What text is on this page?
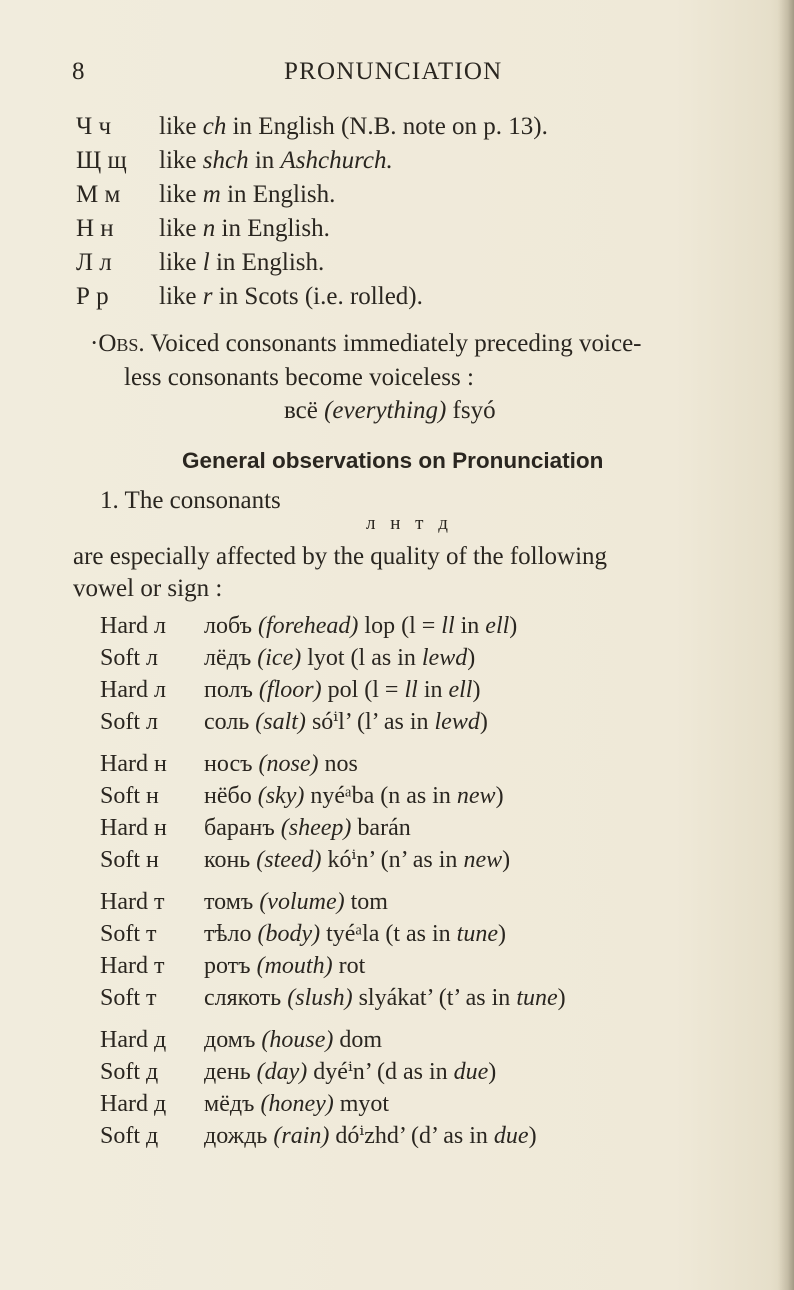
8	PRONUNCIATION
Ч ч like ch in English (N.B. note on p. 13).
Щ щ like shch in Ashchurch.
М м like m in English.
Н н like n in English.
Л л like l in English.
Р р like r in Scots (i.e. rolled).
·Obs. Voiced consonants immediately preceding voice-
less consonants become voiceless :
всё (everything) fsyó
General observations on Pronunciation
1. The consonants
л н т д
are especially affected by the quality of the following
vowel or sign :
Hard л лобъ (forehead) lop (l = ll in ell)
Soft л лёдъ (ice) lyot (l as in lewd)
Hard л полъ (floor) pol (l = ll in ell)
Soft л соль (salt) sóⁱl’ (l’ as in lewd)
Hard н носъ (nose) nos
Soft н нёбо (sky) nyéᵃba (n as in new)
Hard н баранъ (sheep) barán
Soft н конь (steed) kóⁱn’ (n’ as in new)
Hard т томъ (volume) tom
Soft т тѣло (body) tyéᵃla (t as in tune)
Hard т ротъ (mouth) rot
Soft т слякоть (slush) slyákat’ (t’ as in tune)
Hard д домъ (house) dom
Soft д день (day) dyéⁱn’ (d as in due)
Hard д мёдъ (honey) myot
Soft д дождь (rain) dóⁱzhd’ (d’ as in due)
